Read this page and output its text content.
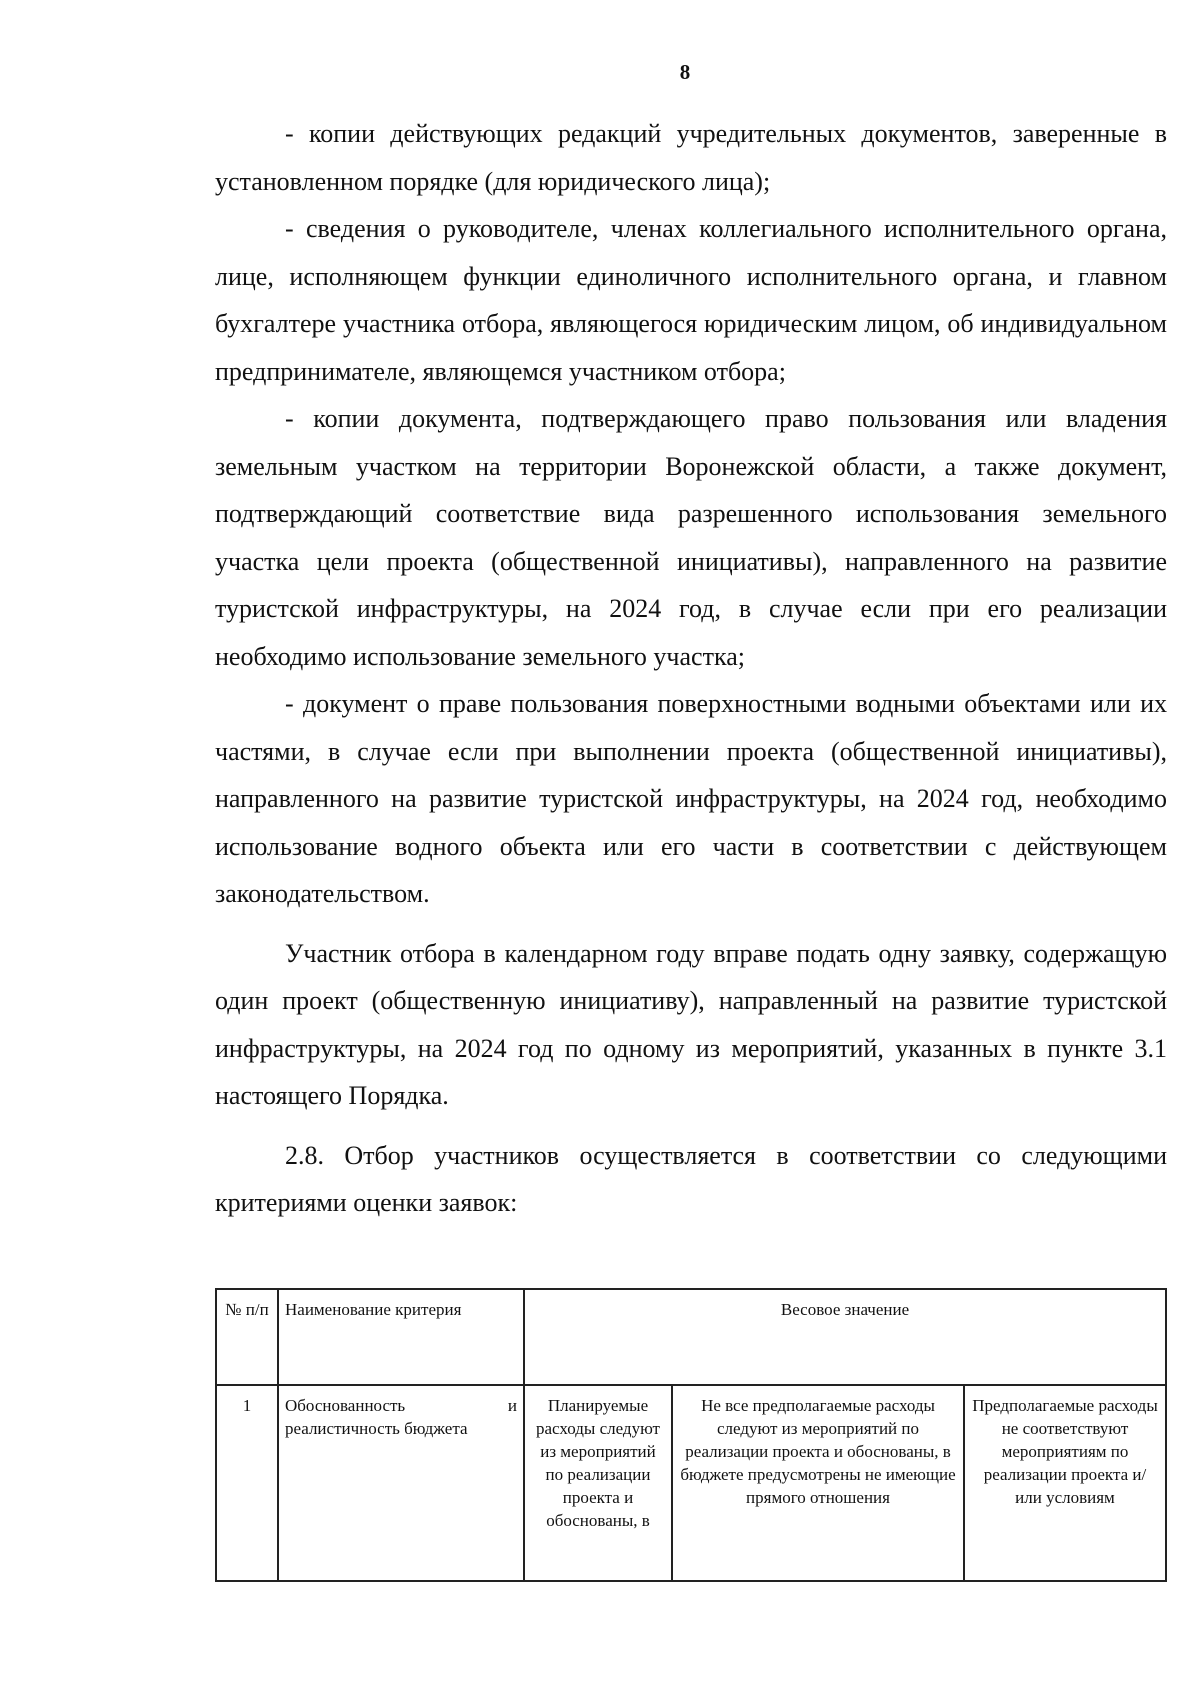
8

- копии действующих редакций учредительных документов, заверенные в установленном порядке (для юридического лица);

- сведения о руководителе, членах коллегиального исполнительного органа, лице, исполняющем функции единоличного исполнительного органа, и главном бухгалтере участника отбора, являющегося юридическим лицом, об индивидуальном предпринимателе, являющемся участником отбора;

- копии документа, подтверждающего право пользования или владения земельным участком на территории Воронежской области, а также документ, подтверждающий соответствие вида разрешенного использования земельного участка цели проекта (общественной инициативы), направленного на развитие туристской инфраструктуры, на 2024 год, в случае если при его реализации необходимо использование земельного участка;

- документ о праве пользования поверхностными водными объектами или их частями, в случае если при выполнении проекта (общественной инициативы), направленного на развитие туристской инфраструктуры, на 2024 год, необходимо использование водного объекта или его части в соответствии с действующем законодательством.

Участник отбора в календарном году вправе подать одну заявку, содержащую один проект (общественную инициативу), направленный на развитие туристской инфраструктуры, на 2024 год по одному из мероприятий, указанных в пункте 3.1 настоящего Порядка.

2.8. Отбор участников осуществляется в соответствии со следующими критериями оценки заявок:

№ п/п	Наименование критерия	Весовое значение		
1	Обоснованность и реалистичность бюджета	Планируемые расходы следуют из мероприятий по реализации проекта и обоснованы, в	Не все предполагаемые расходы следуют из мероприятий по реализации проекта и обоснованы, в бюджете предусмотрены не имеющие прямого отношения	Предполагаемые расходы не соответствуют мероприятиям по реализации проекта и/или условиям
